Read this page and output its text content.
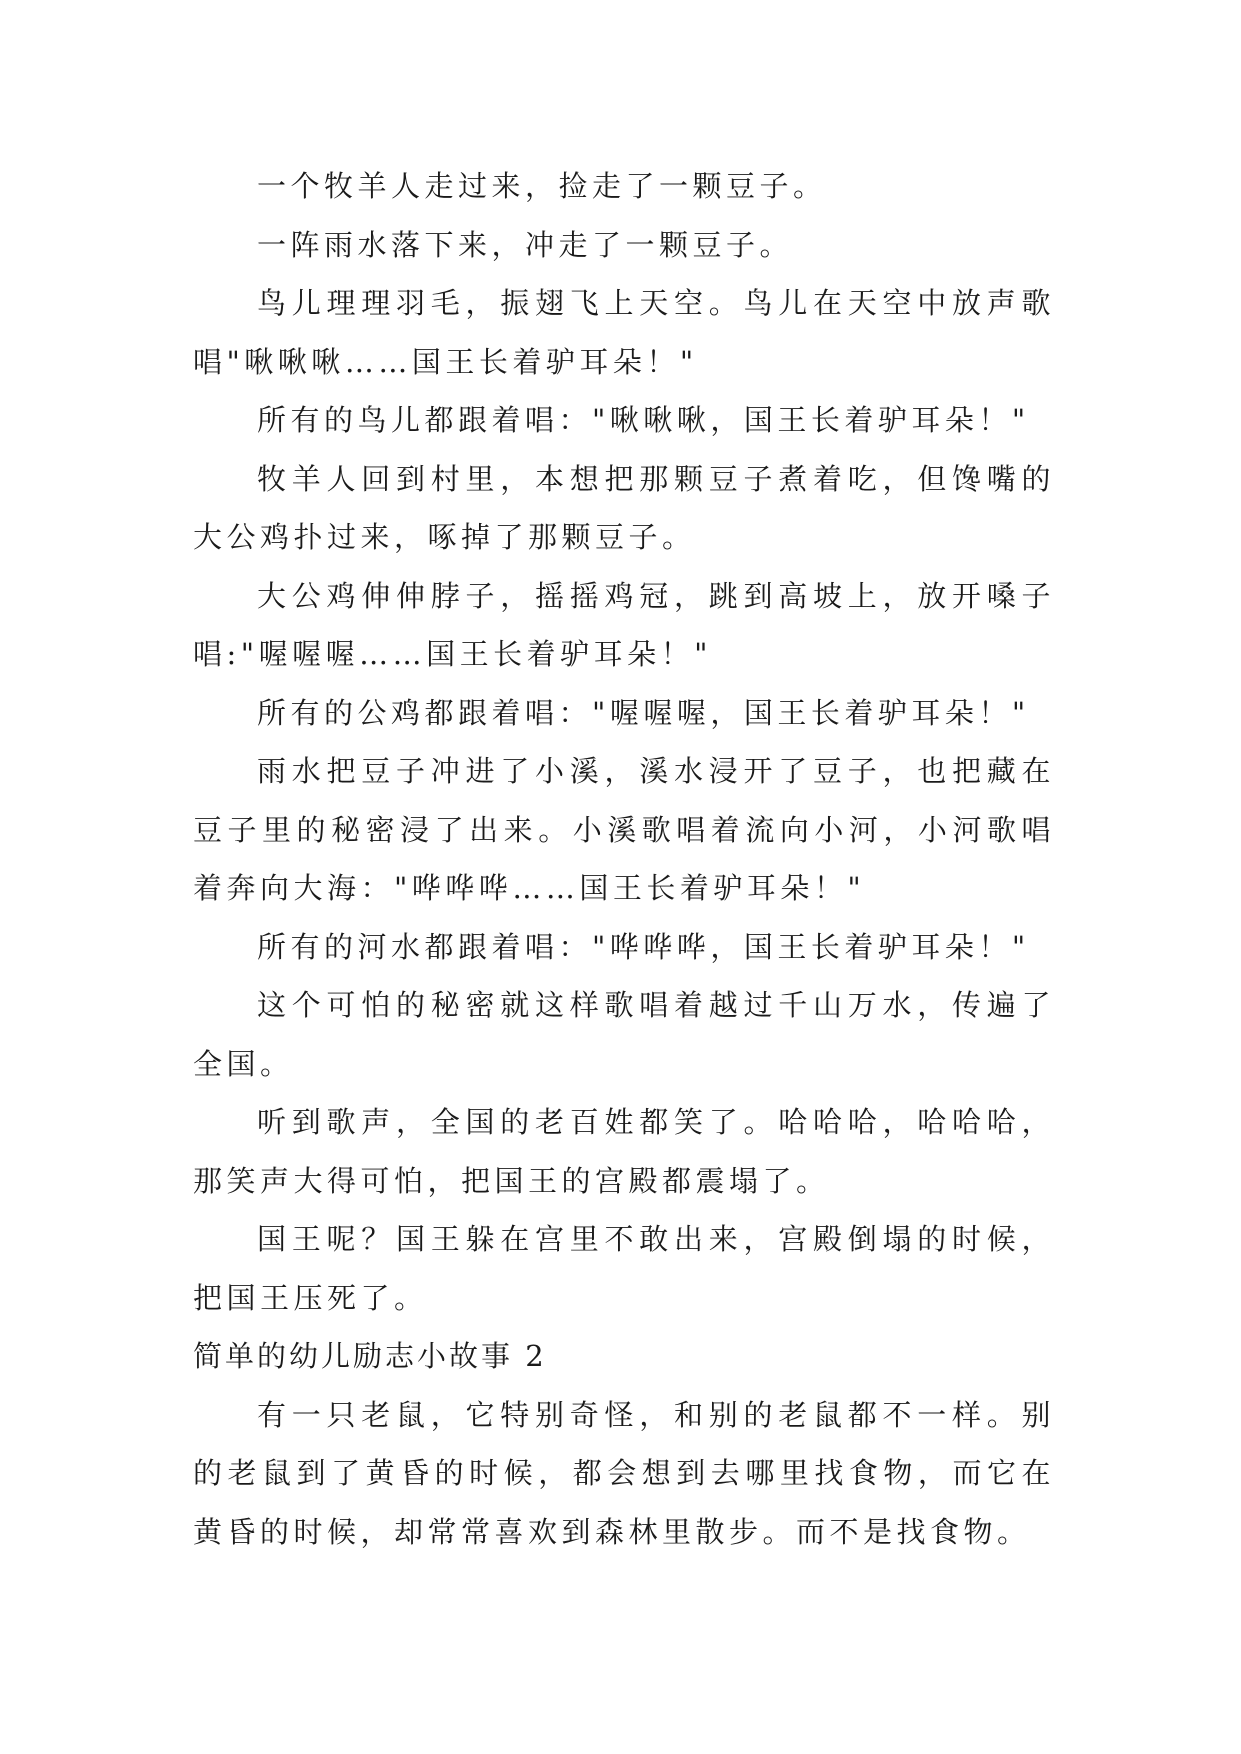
一个牧羊人走过来，捡走了一颗豆子。

一阵雨水落下来，冲走了一颗豆子。

鸟儿理理羽毛，振翅飞上天空。鸟儿在天空中放声歌唱"啾啾啾……国王长着驴耳朵！"

所有的鸟儿都跟着唱："啾啾啾，国王长着驴耳朵！"

牧羊人回到村里，本想把那颗豆子煮着吃，但馋嘴的大公鸡扑过来，啄掉了那颗豆子。

大公鸡伸伸脖子，摇摇鸡冠，跳到高坡上，放开嗓子唱:"喔喔喔……国王长着驴耳朵！"

所有的公鸡都跟着唱："喔喔喔，国王长着驴耳朵！"

雨水把豆子冲进了小溪，溪水浸开了豆子，也把藏在豆子里的秘密浸了出来。小溪歌唱着流向小河，小河歌唱着奔向大海："哗哗哗……国王长着驴耳朵！"

所有的河水都跟着唱："哗哗哗，国王长着驴耳朵！"

这个可怕的秘密就这样歌唱着越过千山万水，传遍了全国。

听到歌声，全国的老百姓都笑了。哈哈哈，哈哈哈，那笑声大得可怕，把国王的宫殿都震塌了。

国王呢？国王躲在宫里不敢出来，宫殿倒塌的时候，把国王压死了。

简单的幼儿励志小故事 2

有一只老鼠，它特别奇怪，和别的老鼠都不一样。别的老鼠到了黄昏的时候，都会想到去哪里找食物，而它在黄昏的时候，却常常喜欢到森林里散步。而不是找食物。
